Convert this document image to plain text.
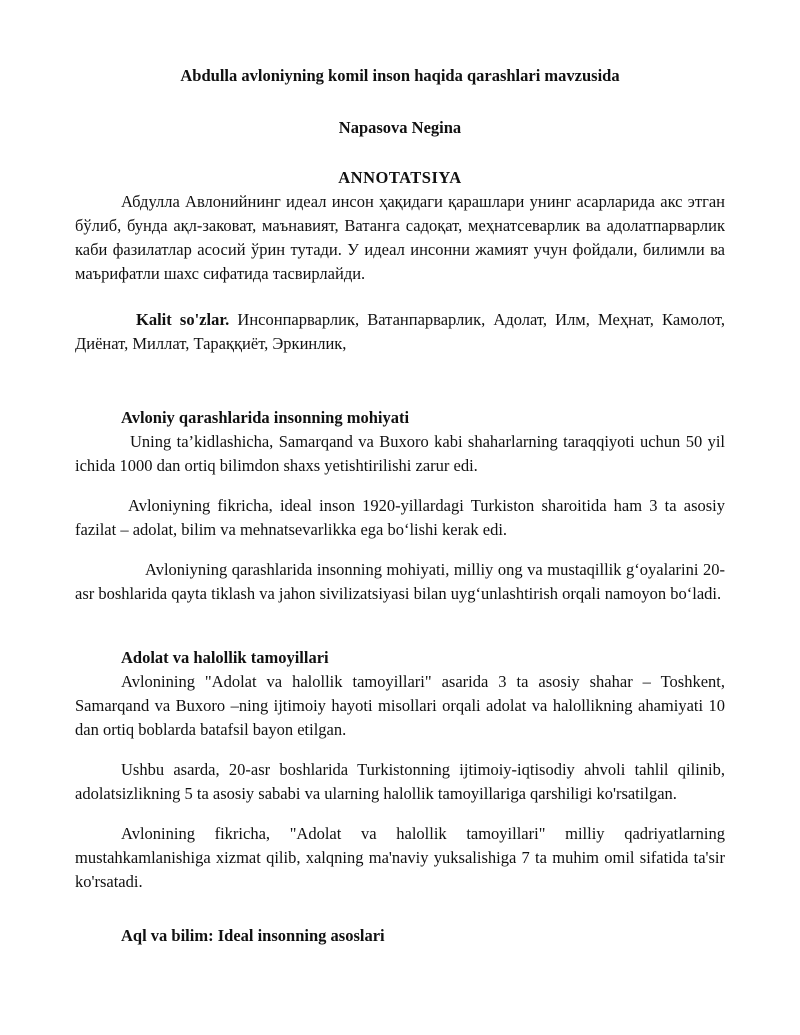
Abdulla avloniyning komil inson haqida qarashlari mavzusida

Napasova Negina

ANNOTATSIYA

Абдулла Авлонийнинг идеал инсон ҳақидаги қарашлари унинг асарларида акс этган бўлиб, бунда ақл-заковат, маънавият, Ватанга садоқат, меҳнатсеварлик ва адолатпарварлик каби фазилатлар асосий ўрин тутади. У идеал инсонни жамият учун фойдали, билимли ва маърифатли шахс сифатида тасвирлайди.

Kalit so'zlar. Инсонпарварлик, Ватанпарварлик, Адолат, Илм, Меҳнат, Камолот, Диёнат, Миллат, Тараққиёт, Эркинлик,

Avloniy qarashlarida insonning mohiyati

Uning ta’kidlashicha, Samarqand va Buxoro kabi shaharlarning taraqqiyoti uchun 50 yil ichida 1000 dan ortiq bilimdon shaxs yetishtirilishi zarur edi.

Avloniyning fikricha, ideal inson 1920-yillardagi Turkiston sharoitida ham 3 ta asosiy fazilat – adolat, bilim va mehnatsevarlikka ega bo‘lishi kerak edi.

Avloniyning qarashlarida insonning mohiyati, milliy ong va mustaqillik g‘oyalarini 20-asr boshlarida qayta tiklash va jahon sivilizatsiyasi bilan uyg‘unlashtirish orqali namoyon bo‘ladi.

Adolat va halollik tamoyillari

Avlonining "Adolat va halollik tamoyillari" asarida 3 ta asosiy shahar – Toshkent, Samarqand va Buxoro –ning ijtimoiy hayoti misollari orqali adolat va halollikning ahamiyati 10 dan ortiq boblarda batafsil bayon etilgan.

Ushbu asarda, 20-asr boshlarida Turkistonning ijtimoiy-iqtisodiy ahvoli tahlil qilinib, adolatsizlikning 5 ta asosiy sababi va ularning halollik tamoyillariga qarshiligi ko'rsatilgan.

Avlonining fikricha, "Adolat va halollik tamoyillari" milliy qadriyatlarning mustahkamlanishiga xizmat qilib, xalqning ma'naviy yuksalishiga 7 ta muhim omil sifatida ta'sir ko'rsatadi.

Aql va bilim: Ideal insonning asoslari
